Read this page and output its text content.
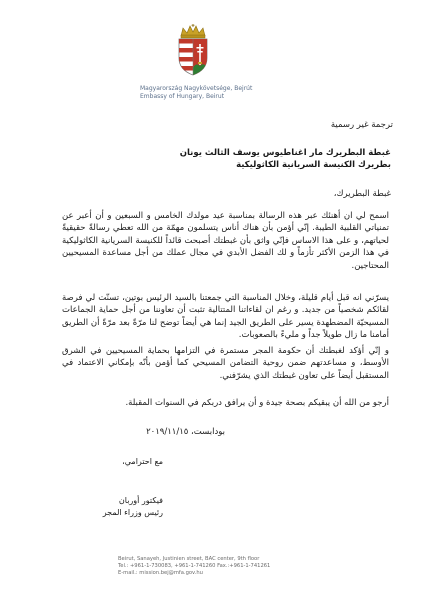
Magyarország Nagykövetsége, Bejrút
Embassy of Hungary, Beirut
ترجمة غير رسمية
غبطة البطريرك مار اغناطيوس يوسف الثالث يونان
بطريرك الكنيسة السريانية الكاثوليكية
غبطة البطريرك،
اسمح لي ان أهنئك عبر هذه الرسالة بمناسبة عيد مولدك الخامس و السبعين و أن أعبر عن تمنياتي القلبية الطيبة. إنّي أؤمن بأن هناك أناس يتسلمون مهمّة من الله تعطي رسالةً حقيقيةً لحياتهم، و على هذا الاساس فإنّي واثق بأن غبطتك أصبحت قائداً للكنيسة السريانية الكاثوليكية في هذا الزمن الأكثر تأزماً و لك الفضل الأبدي في مجال عملك من أجل مساعدة المسيحيين المحتاجين.
يسرّني انه قبل أيام قليلة، وخلال المناسبة التي جمعتنا بالسيد الرئيس بوتين، تسنّت لي فرصة لقائكم شخصياً من جديد. و رغم ان لقاءاتنا المتتالية تثبت أن تعاوننا من أجل حماية الجماعات المسيحيّة المضطهدة يسير على الطريق الجيد إنما هي أيضاً توضح لنا مرّةً بعد مرّةً أن الطريق أمامنا ما زال طويلاً جداً و مليءً بالصعوبات.
و إنّي أؤكد لغبطتك أن حكومة المجر مستمرة في التزامها بحماية المسيحيين في الشرق الأوسط، و مساعدتهم ضمن روحية التضامن المسيحي كما أؤمن بأنّه بإمكاني الاعتماد في المستقبل أيضاً على تعاون غبطتك الذي يشرّفني.
أرجو من الله أن يبقيكم بصحة جيدة و أن يرافق دربكم في السنوات المقبلة.
بودابست، ٢٠١٩/١١/١٥
مع احترامي،
فيكتور أوربان
رئيس وزراء المجر
Beirut, Sanayeh, Justinien street, BAC center, 9th floor
Tel.: +961-1-730083, +961-1-741260 Fax.:+961-1-741261
E-mail.: mission.bej@mfa.gov.hu
